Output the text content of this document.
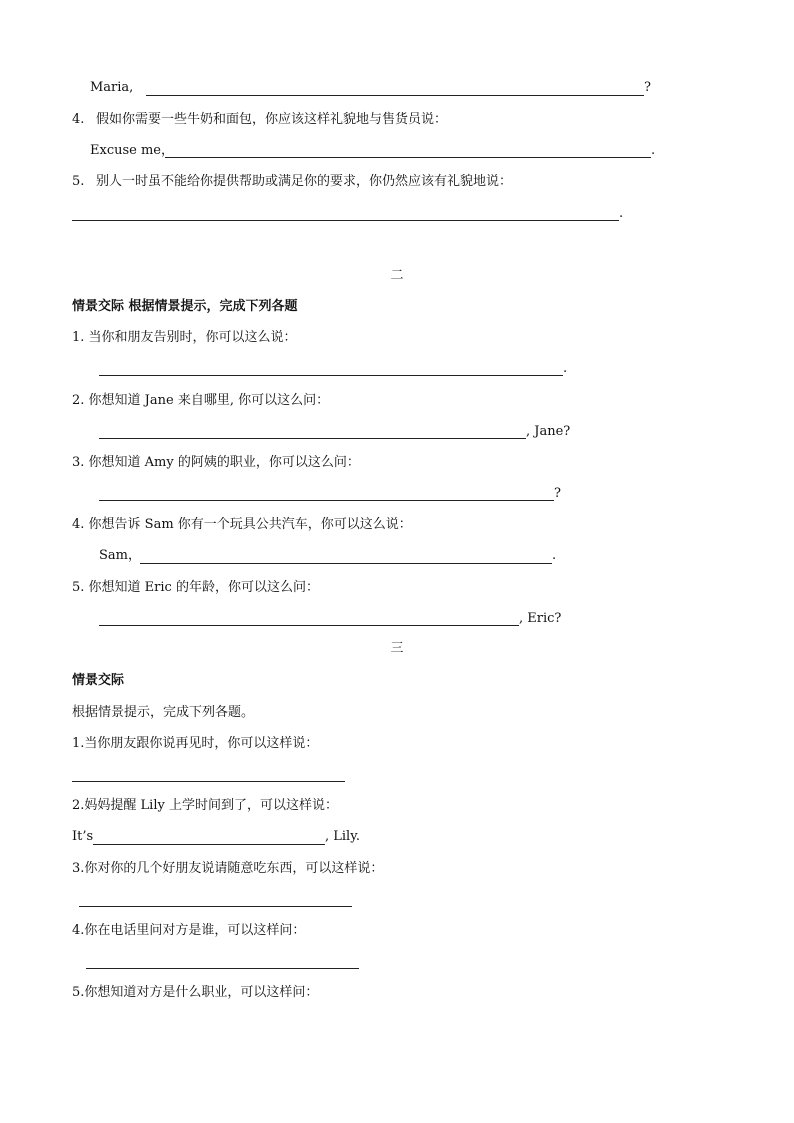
Maria,	?
4. 假如你需要一些牛奶和面包，你应该这样礼貌地与售货员说：
Excuse me，	.
5. 别人一时虽不能给你提供帮助或满足你的要求，你仍然应该有礼貌地说：
.
二
情景交际 根据情景提示，完成下列各题
1. 当你和朋友告别时，你可以这么说：
.
2. 你想知道 Jane 来自哪里, 你可以这么问：
, Jane?
3. 你想知道 Amy 的阿姨的职业，你可以这么问：
?
4. 你想告诉 Sam 你有一个玩具公共汽车，你可以这么说：
Sam，	.
5. 你想知道 Eric 的年龄，你可以这么问：
, Eric?
三
情景交际
根据情景提示，完成下列各题。
1.当你朋友跟你说再见时，你可以这样说：
2.妈妈提醒 Lily 上学时间到了，可以这样说：
It’s	, Lily.
3.你对你的几个好朋友说请随意吃东西，可以这样说：
4.你在电话里问对方是谁，可以这样问：
5.你想知道对方是什么职业，可以这样问：
